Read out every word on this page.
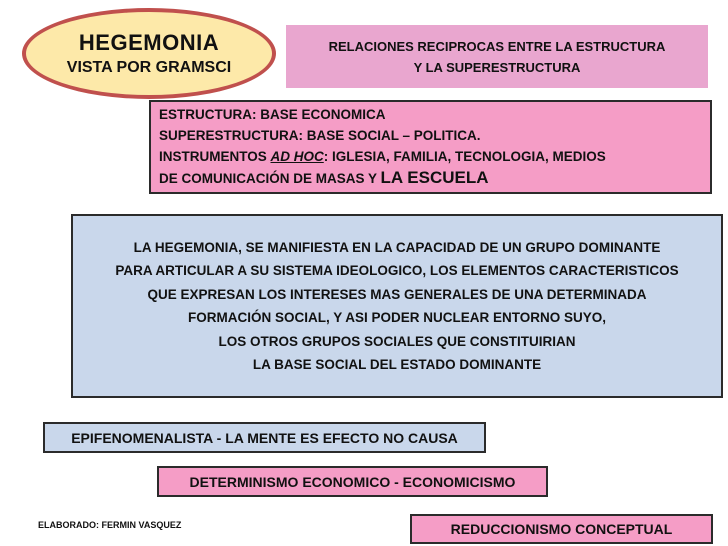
HEGEMONIA
VISTA POR GRAMSCI
RELACIONES RECIPROCAS ENTRE LA ESTRUCTURA
Y LA SUPERESTRUCTURA
ESTRUCTURA: BASE ECONOMICA
SUPERESTRUCTURA: BASE SOCIAL – POLITICA.
INSTRUMENTOS AD HOC: IGLESIA, FAMILIA, TECNOLOGIA, MEDIOS
DE COMUNICACIÓN DE MASAS Y LA ESCUELA
LA HEGEMONIA, SE MANIFIESTA EN LA CAPACIDAD DE UN GRUPO DOMINANTE
PARA ARTICULAR A SU SISTEMA IDEOLOGICO, LOS ELEMENTOS CARACTERISTICOS
QUE EXPRESAN LOS INTERESES MAS GENERALES DE UNA DETERMINADA
FORMACIÓN SOCIAL, Y ASI PODER NUCLEAR ENTORNO SUYO,
LOS OTROS GRUPOS SOCIALES QUE CONSTITUIRIAN
LA BASE SOCIAL DEL ESTADO DOMINANTE
EPIFENOMENALISTA - LA MENTE ES EFECTO NO CAUSA
DETERMINISMO ECONOMICO - ECONOMICISMO
ELABORADO: FERMIN VASQUEZ	REDUCCIONISMO CONCEPTUAL
